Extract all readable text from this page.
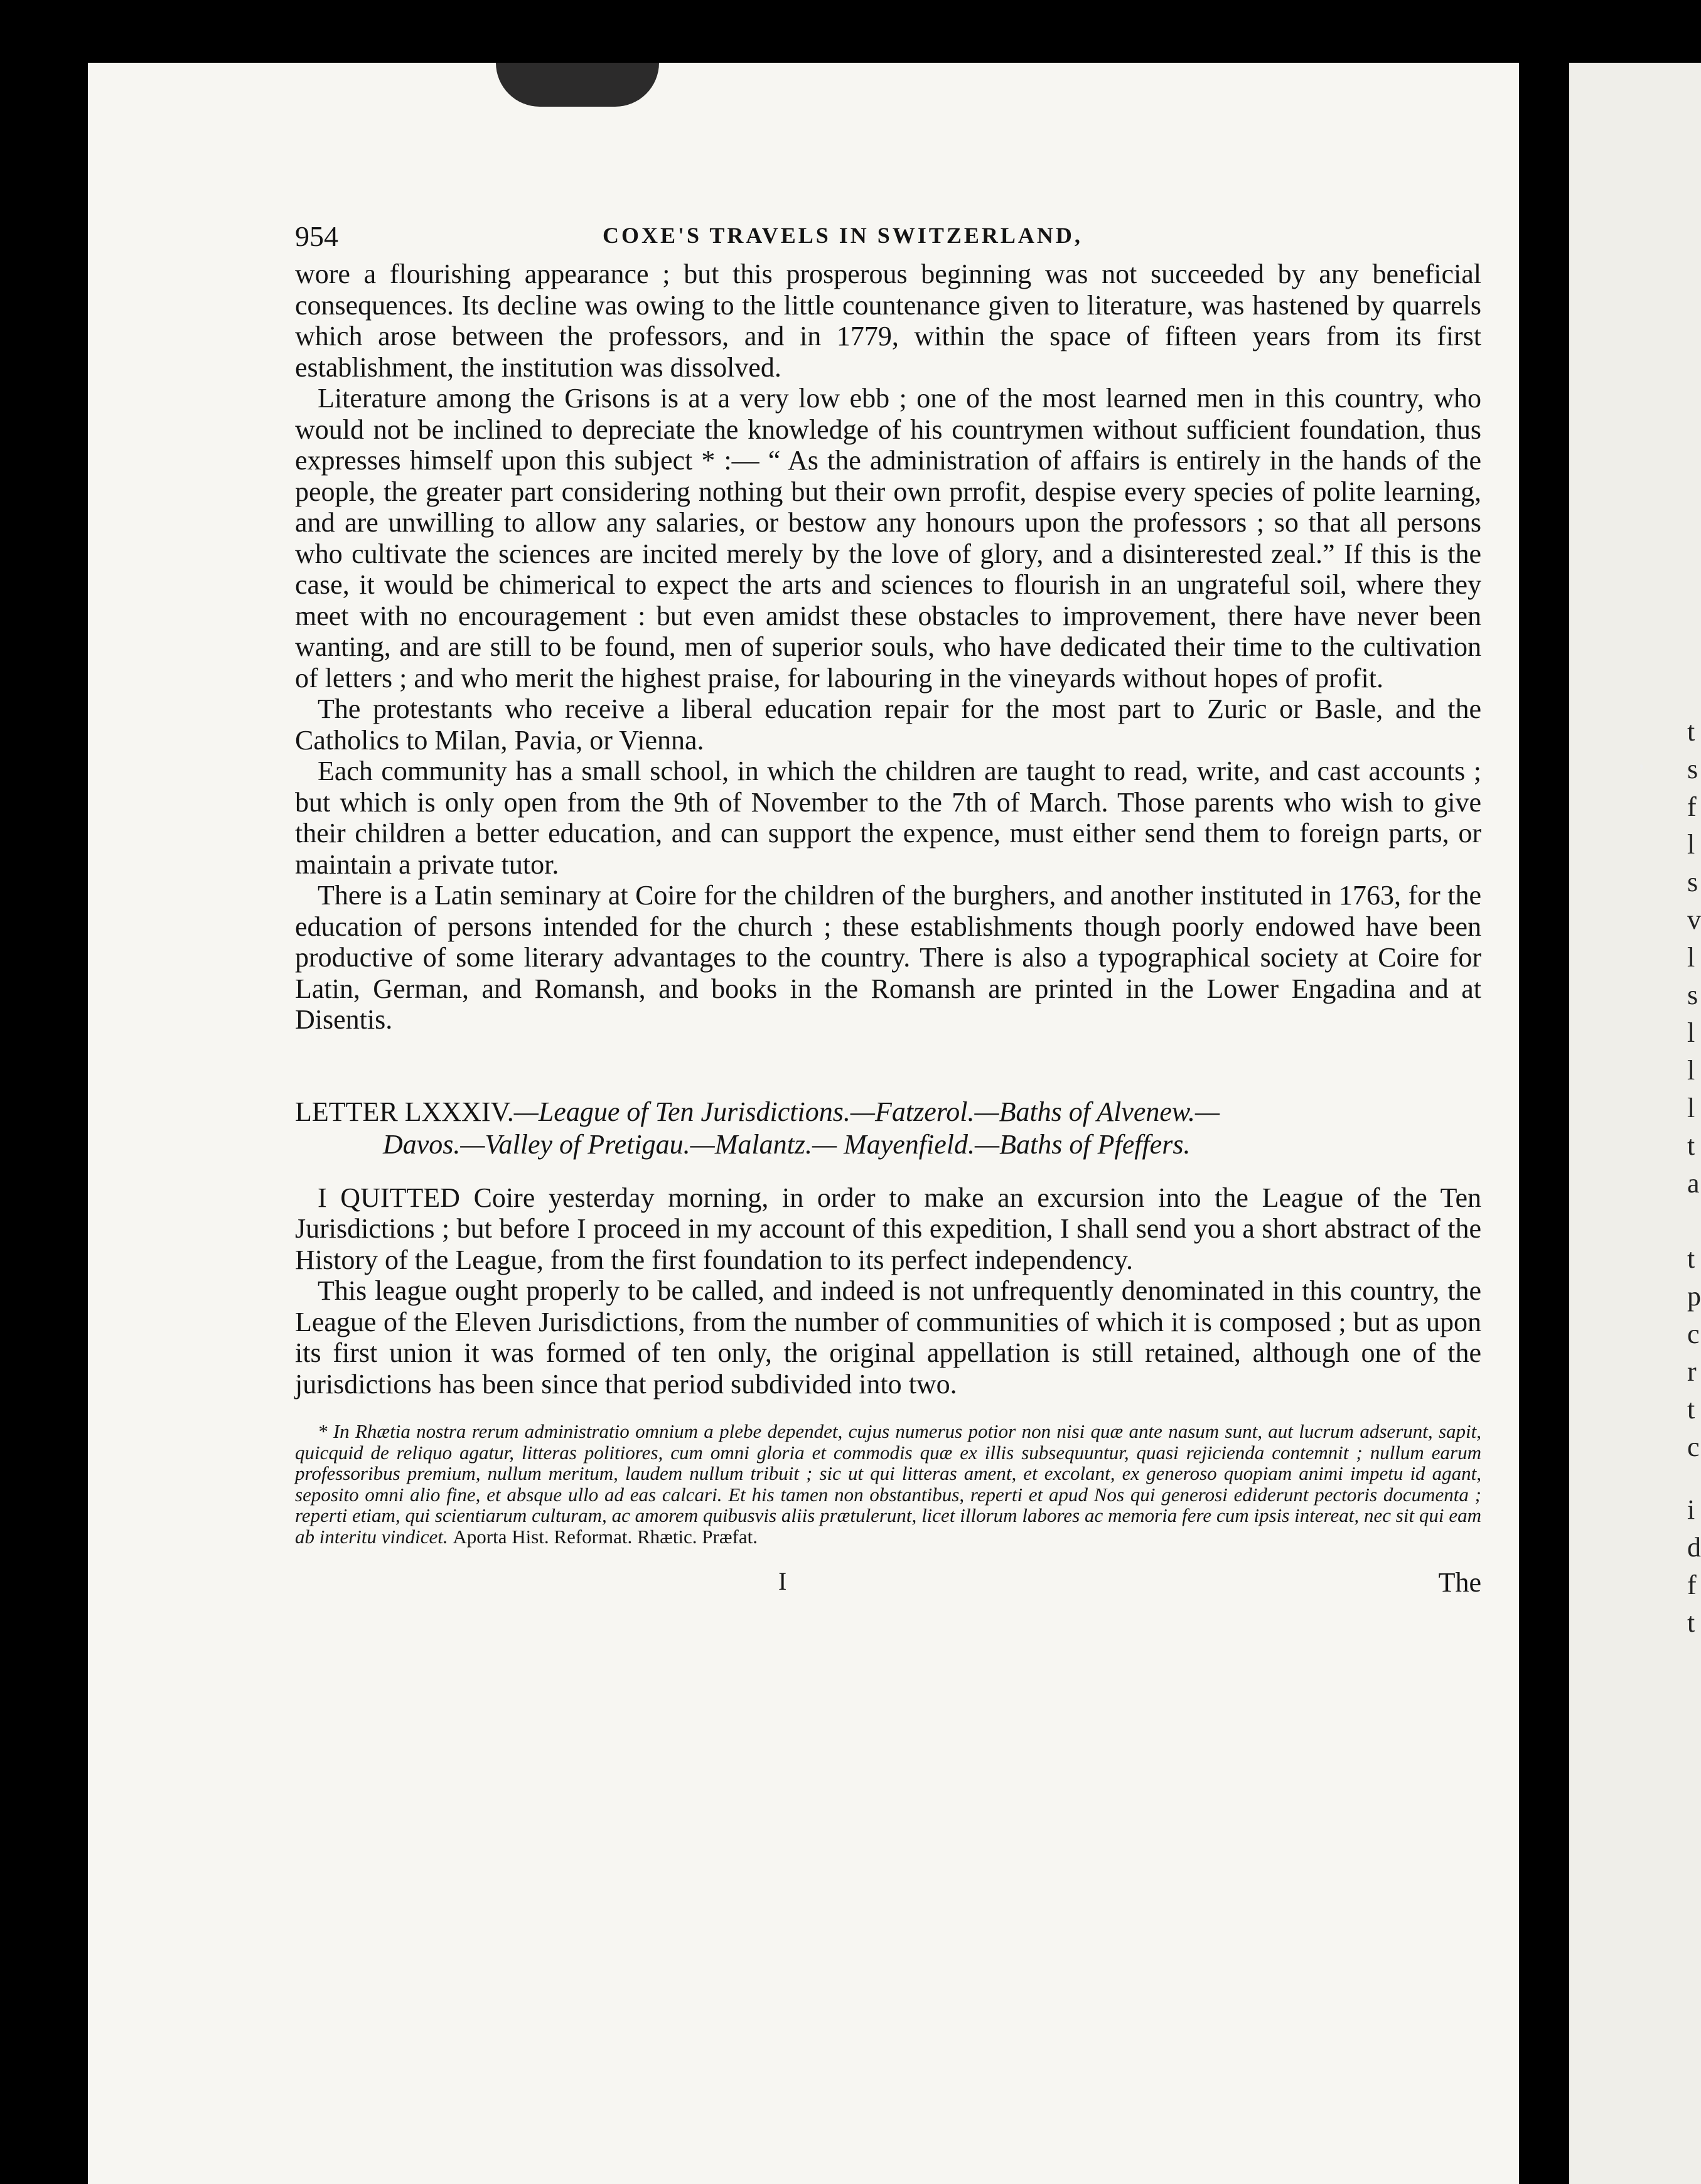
954	COXE'S TRAVELS IN SWITZERLAND,

wore a flourishing appearance ; but this prosperous beginning was not succeeded by any beneficial consequences. Its decline was owing to the little countenance given to literature, was hastened by quarrels which arose between the professors, and in 1779, within the space of fifteen years from its first establishment, the institution was dissolved.

Literature among the Grisons is at a very low ebb ; one of the most learned men in this country, who would not be inclined to depreciate the knowledge of his countrymen without sufficient foundation, thus expresses himself upon this subject * :— “ As the administration of affairs is entirely in the hands of the people, the greater part considering nothing but their own prrofit, despise every species of polite learning, and are unwilling to allow any salaries, or bestow any honours upon the professors ; so that all persons who cultivate the sciences are incited merely by the love of glory, and a disinterested zeal.” If this is the case, it would be chimerical to expect the arts and sciences to flourish in an ungrateful soil, where they meet with no encouragement : but even amidst these obstacles to improvement, there have never been wanting, and are still to be found, men of superior souls, who have dedicated their time to the cultivation of letters ; and who merit the highest praise, for labouring in the vineyards without hopes of profit.

The protestants who receive a liberal education repair for the most part to Zuric or Basle, and the Catholics to Milan, Pavia, or Vienna.

Each community has a small school, in which the children are taught to read, write, and cast accounts ; but which is only open from the 9th of November to the 7th of March. Those parents who wish to give their children a better education, and can support the expence, must either send them to foreign parts, or maintain a private tutor.

There is a Latin seminary at Coire for the children of the burghers, and another instituted in 1763, for the education of persons intended for the church ; these establishments though poorly endowed have been productive of some literary advantages to the country. There is also a typographical society at Coire for Latin, German, and Romansh, and books in the Romansh are printed in the Lower Engadina and at Disentis.

LETTER LXXXIV.—League of Ten Jurisdictions.—Fatzerol.—Baths of Alvenew.—
Davos.—Valley of Pretigau.—Malantz.— Mayenfield.—Baths of Pfeffers.

I QUITTED Coire yesterday morning, in order to make an excursion into the League of the Ten Jurisdictions ; but before I proceed in my account of this expedition, I shall send you a short abstract of the History of the League, from the first foundation to its perfect independency.

This league ought properly to be called, and indeed is not unfrequently denominated in this country, the League of the Eleven Jurisdictions, from the number of communities of which it is composed ; but as upon its first union it was formed of ten only, the original appellation is still retained, although one of the jurisdictions has been since that period subdivided into two.

* In Rhætia nostra rerum administratio omnium a plebe dependet, cujus numerus potior non nisi quæ ante nasum sunt, aut lucrum adserunt, sapit, quicquid de reliquo agatur, litteras politiores, cum omni gloria et commodis quæ ex illis subsequuntur, quasi rejicienda contemnit ; nullum earum professoribus premium, nullum meritum, laudem nullum tribuit ; sic ut qui litteras ament, et excolant, ex generoso quopiam animi impetu id agant, seposito omni alio fine, et absque ullo ad eas calcari. Et his tamen non obstantibus, reperti et apud Nos qui generosi ediderunt pectoris documenta ; reperti etiam, qui scientiarum culturam, ac amorem quibusvis aliis prætulerunt, licet illorum labores ac memoria fere cum ipsis intereat, nec sit qui eam ab interitu vindicet. Aporta Hist. Reformat. Rhætic. Præfat.

I	The
t
s
f
l
s
v
l
s
l
l
l
t
a
t
p
c
r
t
c
i
d
f
t
,
